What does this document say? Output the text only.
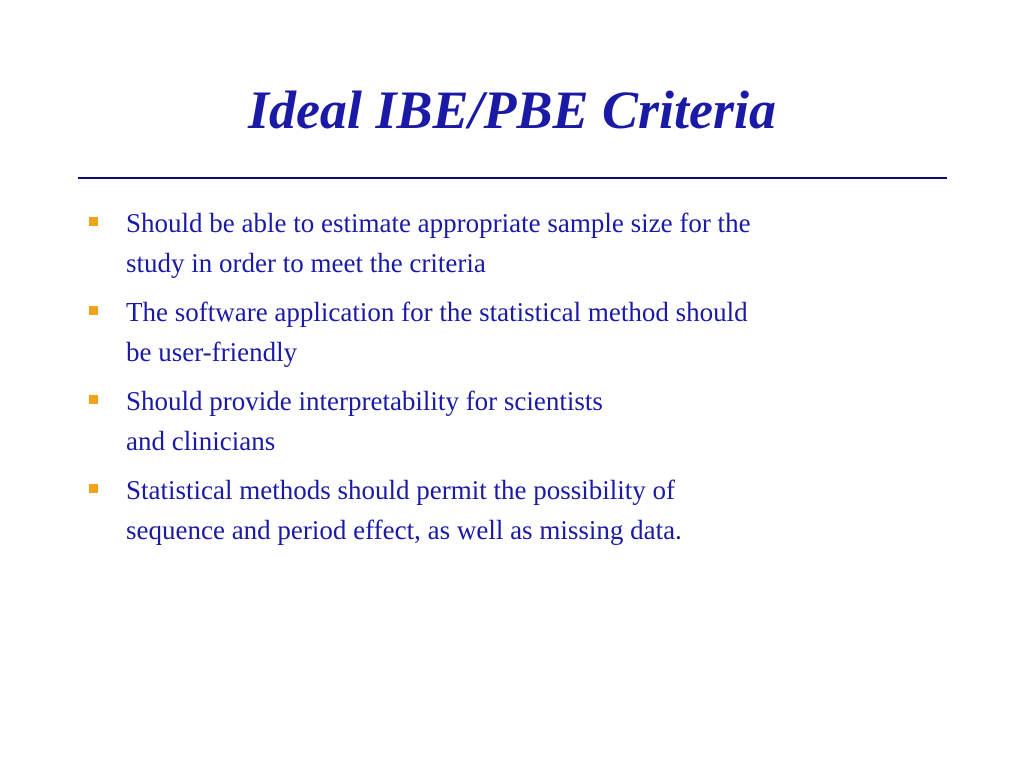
Ideal IBE/PBE Criteria
Should be able to estimate appropriate sample size for the
study in order to meet the criteria
The software application for the statistical method should
be user-friendly
Should provide interpretability for scientists
and clinicians
Statistical methods should permit the possibility of
sequence and period effect, as well as missing data.
